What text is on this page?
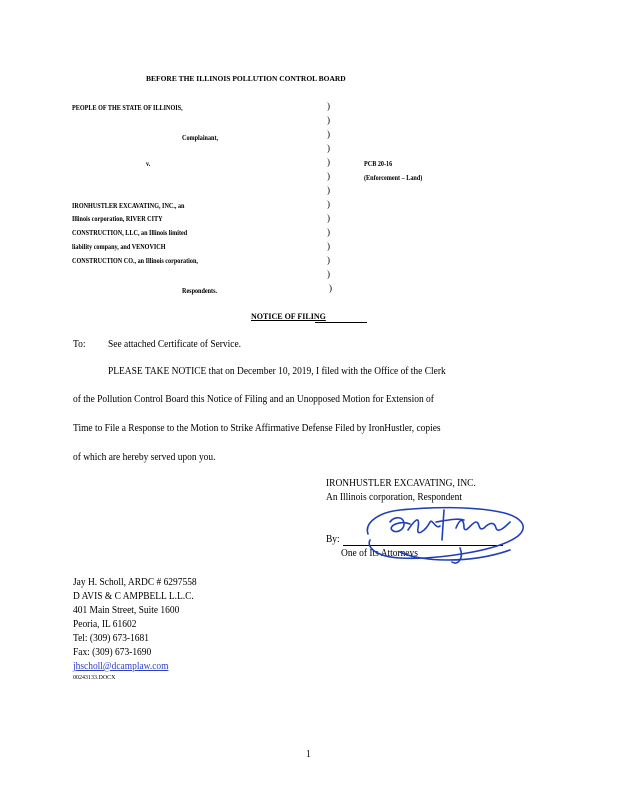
BEFORE THE ILLINOIS POLLUTION CONTROL BOARD
PEOPLE OF THE STATE OF ILLINOIS,
Complainant,
v.
IRONHUSTLER EXCAVATING, INC., an
Illinois corporation, RIVER CITY
CONSTRUCTION, LLC, an Illinois limited
liability company, and VENOVICH
CONSTRUCTION CO., an Illinois corporation,
Respondents.
)
)
)
)
)
)
)
)
)
)
)
)
)
)
PCB 20-16
(Enforcement – Land)
NOTICE OF FILING
To: See attached Certificate of Service.
PLEASE TAKE NOTICE that on December 10, 2019, I filed with the Office of the Clerk
of the Pollution Control Board this Notice of Filing and an Unopposed Motion for Extension of
Time to File a Response to the Motion to Strike Affirmative Defense Filed by IronHustler, copies
of which are hereby served upon you.
IRONHUSTLER EXCAVATING, INC.
An Illinois corporation, Respondent
By:
One of Its Attorneys
Jay H. Scholl, ARDC # 6297558
D AVIS & C AMPBELL L.L.C.
401 Main Street, Suite 1600
Peoria, IL 61602
Tel: (309) 673-1681
Fax: (309) 673-1690
jhscholl@dcamplaw.com
00243133.DOCX
1
